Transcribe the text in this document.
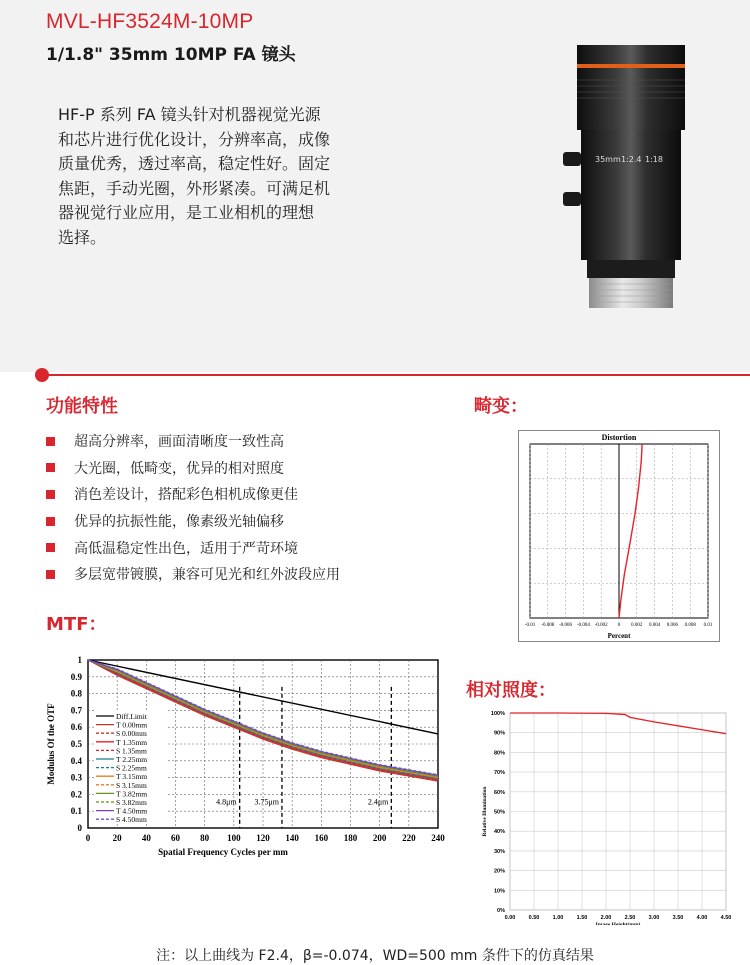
MVL-HF3524M-10MP
1/1.8" 35mm 10MP FA 镜头
HF-P 系列 FA 镜头针对机器视觉光源
和芯片进行优化设计，分辨率高，成像
质量优秀，透过率高，稳定性好。固定
焦距，手动光圈，外形紧凑。可满足机
器视觉行业应用，是工业相机的理想
选择。
35mm 1:2.4 1:18
功能特性	畸变：
MTF：
相对照度：
超高分辨率，画面清晰度一致性高
大光圈，低畸变，优异的相对照度
消色差设计，搭配彩色相机成像更佳
优异的抗振性能，像素级光轴偏移
高低温稳定性出色，适用于严苛环境
多层宽带镀膜，兼容可见光和红外波段应用
Distortion
-0.01 -0.008 -0.006 -0.004 -0.002 0 0.002 0.004 0.006 0.008 0.01
Percent
0 20 40 60 80 100 120 140 160 180 200 220 240
0
0.1
0.2
0.3
0.4
0.5
0.6
0.7
0.8
0.9
1
Spatial Frequency Cycles per mm
Modulus Of the OTF
4.8μm 3.75μm	2.4μm
Diff.Limit
T 0.00mm
S 0.00mm
T 1.35mm
S 1.35mm
T 2.25mm
S 2.25mm
T 3.15mm
S 3.15mm
T 3.82mm
S 3.82mm
T 4.50mm
S 4.50mm
0.00 0.50 1.00 1.50 2.00 2.50 3.00 3.50 4.00 4.50
0%
10%
20%
30%
40%
50%
60%
70%
80%
90%
100%
Image Height(mm)
Relative Illumination
注：以上曲线为 F2.4，β=-0.074，WD=500 mm 条件下的仿真结果
